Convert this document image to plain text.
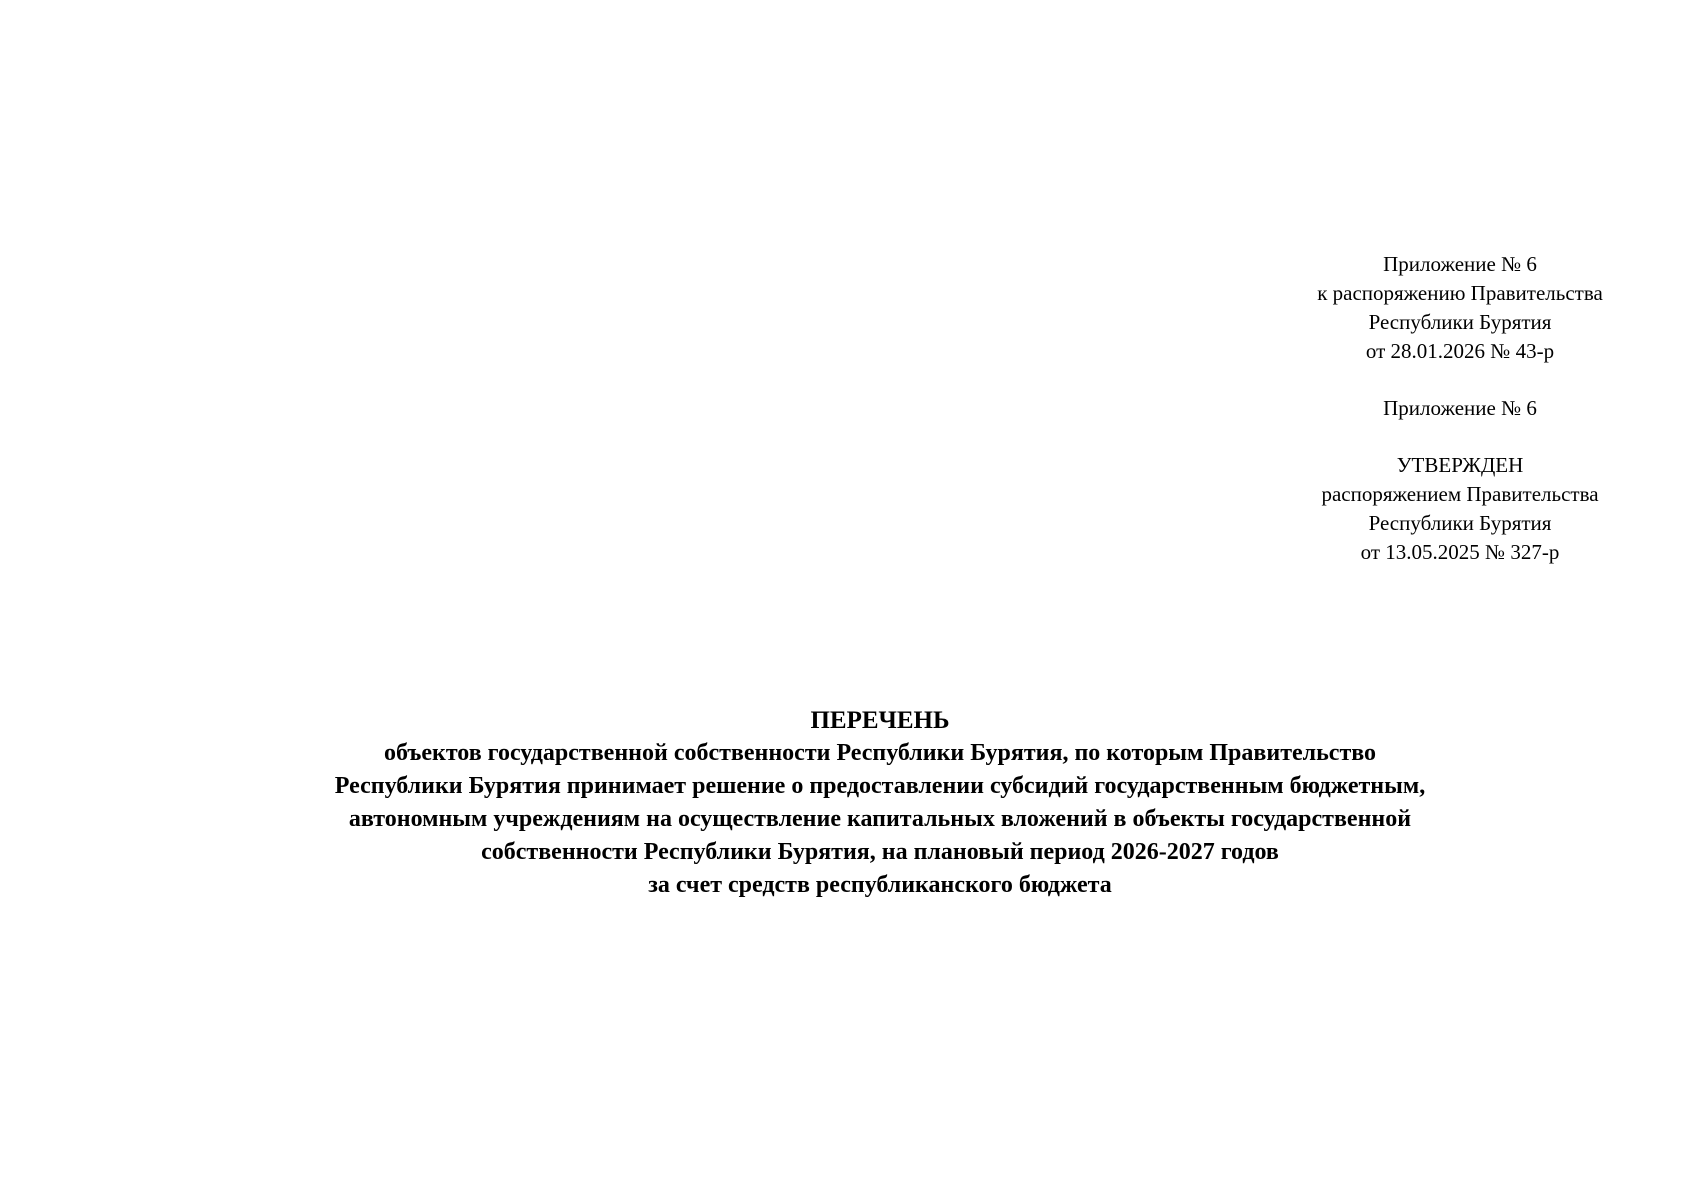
Приложение № 6
к распоряжению Правительства
Республики Бурятия
от 28.01.2026 № 43-р
Приложение № 6
УТВЕРЖДЕН
распоряжением Правительства
Республики Бурятия
от 13.05.2025 № 327-р
ПЕРЕЧЕНЬ
объектов государственной собственности Республики Бурятия, по которым Правительство
Республики Бурятия принимает решение о предоставлении субсидий государственным бюджетным,
автономным учреждениям на осуществление капитальных вложений в объекты государственной
собственности Республики Бурятия, на плановый период 2026-2027 годов
за счет средств республиканского бюджета
